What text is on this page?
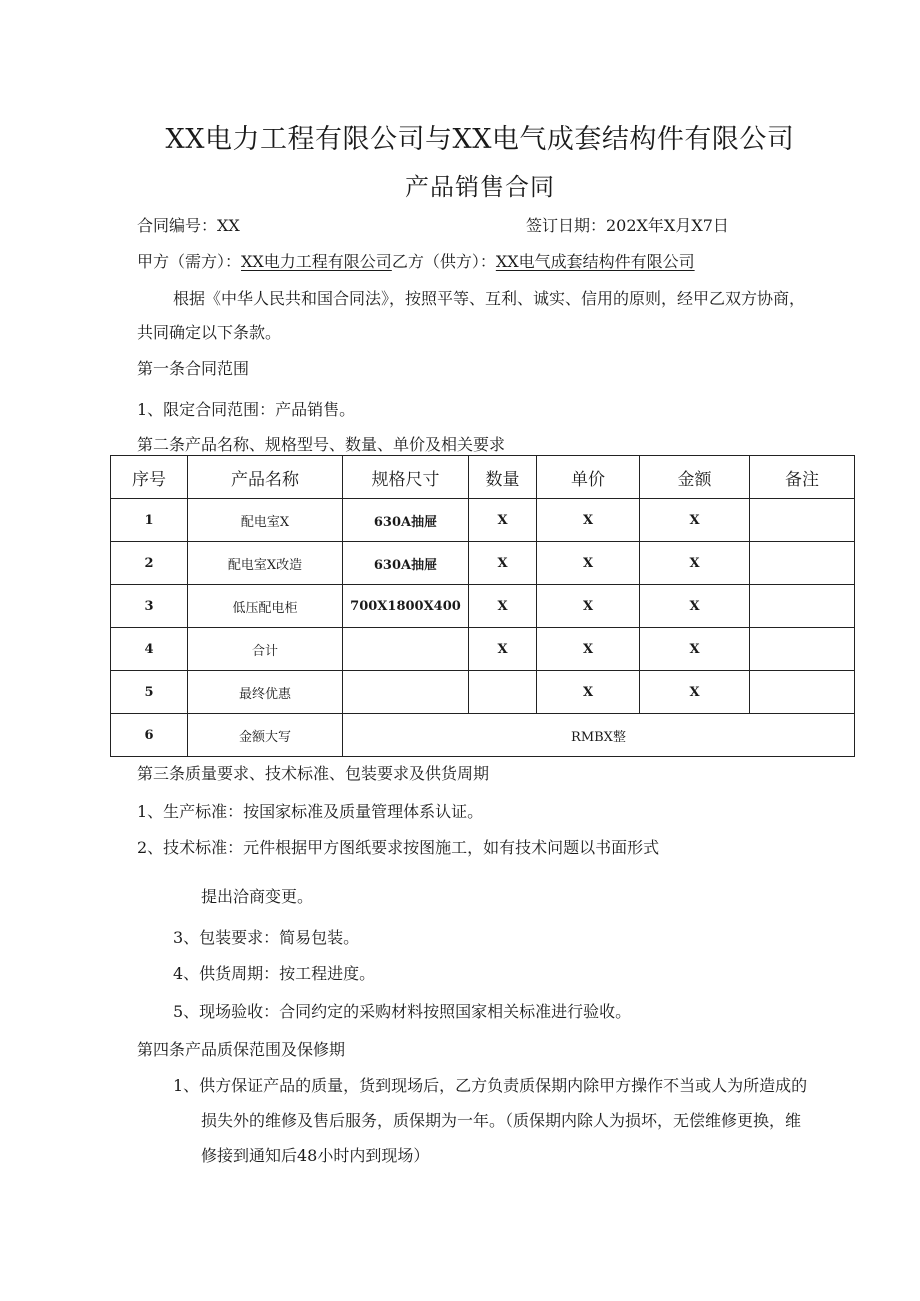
XX电力工程有限公司与XX电气成套结构件有限公司
产品销售合同
合同编号：XX	签订日期：202X年X月X7日
甲方（需方）：XX电力工程有限公司乙方（供方）：XX电气成套结构件有限公司
根据《中华人民共和国合同法》，按照平等、互利、诚实、信用的原则，经甲乙双方协商，
共同确定以下条款。
第一条合同范围
1、限定合同范围：产品销售。
第二条产品名称、规格型号、数量、单价及相关要求
序号	产品名称	规格尺寸	数量	单价	金额	备注
1	配电室X	630A抽屉	X	X	X	
2	配电室X改造	630A抽屉	X	X	X	
3	低压配电柜	700X1800X400	X	X	X	
4	合计		X	X	X	
5	最终优惠			X	X	
6	金额大写	RMBX整				
第三条质量要求、技术标准、包装要求及供货周期
1、生产标准：按国家标准及质量管理体系认证。
2、技术标准：元件根据甲方图纸要求按图施工，如有技术问题以书面形式
提出洽商变更。
3、包装要求：简易包装。
4、供货周期：按工程进度。
5、现场验收：合同约定的采购材料按照国家相关标准进行验收。
第四条产品质保范围及保修期
1、供方保证产品的质量，货到现场后，乙方负责质保期内除甲方操作不当或人为所造成的
损失外的维修及售后服务，质保期为一年。（质保期内除人为损坏，无偿维修更换，维
修接到通知后48小时内到现场）
